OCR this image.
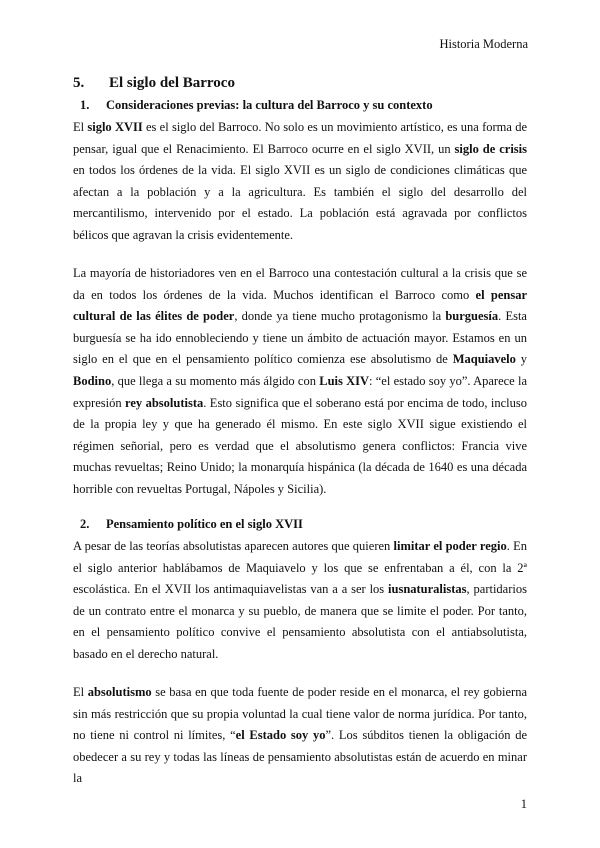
Historia Moderna
5. El siglo del Barroco
1. Consideraciones previas: la cultura del Barroco y su contexto
El siglo XVII es el siglo del Barroco. No solo es un movimiento artístico, es una forma de pensar, igual que el Renacimiento. El Barroco ocurre en el siglo XVII, un siglo de crisis en todos los órdenes de la vida. El siglo XVII es un siglo de condiciones climáticas que afectan a la población y a la agricultura. Es también el siglo del desarrollo del mercantilismo, intervenido por el estado. La población está agravada por conflictos bélicos que agravan la crisis evidentemente.
La mayoría de historiadores ven en el Barroco una contestación cultural a la crisis que se da en todos los órdenes de la vida. Muchos identifican el Barroco como el pensar cultural de las élites de poder, donde ya tiene mucho protagonismo la burguesía. Esta burguesía se ha ido ennobleciendo y tiene un ámbito de actuación mayor. Estamos en un siglo en el que en el pensamiento político comienza ese absolutismo de Maquiavelo y Bodino, que llega a su momento más álgido con Luis XIV: “el estado soy yo”. Aparece la expresión rey absolutista. Esto significa que el soberano está por encima de todo, incluso de la propia ley y que ha generado él mismo. En este siglo XVII sigue existiendo el régimen señorial, pero es verdad que el absolutismo genera conflictos: Francia vive muchas revueltas; Reino Unido; la monarquía hispánica (la década de 1640 es una década horrible con revueltas Portugal, Nápoles y Sicilia).
2. Pensamiento político en el siglo XVII
A pesar de las teorías absolutistas aparecen autores que quieren limitar el poder regio. En el siglo anterior hablábamos de Maquiavelo y los que se enfrentaban a él, con la 2ª escolástica. En el XVII los antimaquiavelistas van a a ser los iusnaturalistas, partidarios de un contrato entre el monarca y su pueblo, de manera que se limite el poder. Por tanto, en el pensamiento político convive el pensamiento absolutista con el antiabsolutista, basado en el derecho natural.
El absolutismo se basa en que toda fuente de poder reside en el monarca, el rey gobierna sin más restricción que su propia voluntad la cual tiene valor de norma jurídica. Por tanto, no tiene ni control ni límites, “el Estado soy yo”. Los súbditos tienen la obligación de obedecer a su rey y todas las líneas de pensamiento absolutistas están de acuerdo en minar la
1
